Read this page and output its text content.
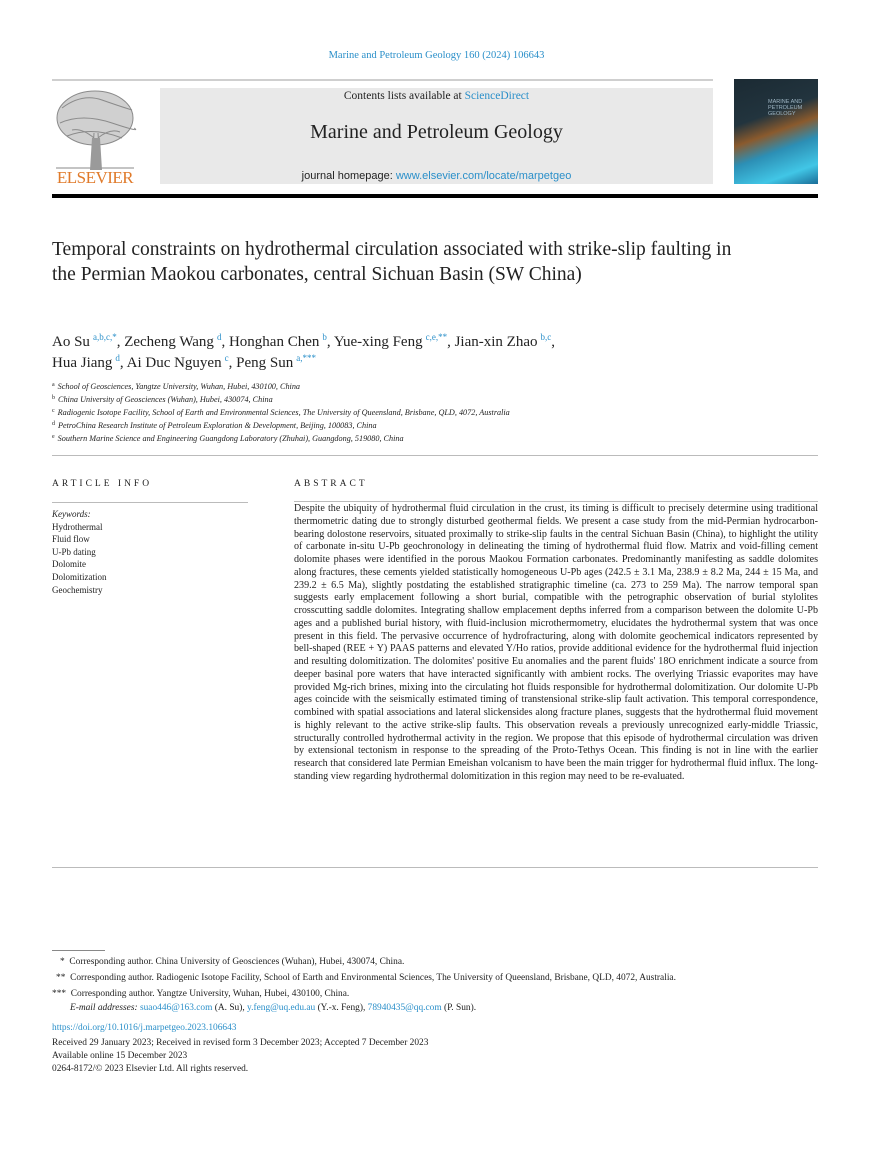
Marine and Petroleum Geology 160 (2024) 106643
ELSEVIER
Contents lists available at ScienceDirect
Marine and Petroleum Geology
journal homepage: www.elsevier.com/locate/marpetgeo
MARINE AND PETROLEUM GEOLOGY
Temporal constraints on hydrothermal circulation associated with strike-slip faulting in the Permian Maokou carbonates, central Sichuan Basin (SW China)
Ao Su  $^{a,b,c,*}$, Zecheng Wang  $^d$, Honghan Chen  $^b$, Yue-xing Feng  $^{c,e,**}$, Jian-xin Zhao  $^{b,c}$,
Hua Jiang  $^d$, Ai Duc Nguyen  $^c$, Peng Sun  $^{a,***}$
$^a$ School of Geosciences, Yangtze University, Wuhan, Hubei, 430100, China
$^b$ China University of Geosciences (Wuhan), Hubei, 430074, China
$^c$ Radiogenic Isotope Facility, School of Earth and Environmental Sciences, The University of Queensland, Brisbane, QLD, 4072, Australia
$^d$ PetroChina Research Institute of Petroleum Exploration & Development, Beijing, 100083, China
$^e$ Southern Marine Science and Engineering Guangdong Laboratory (Zhuhai), Guangdong, 519080, China
ARTICLE INFO
Keywords:
Hydrothermal
Fluid flow
U-Pb dating
Dolomite
Dolomitization
Geochemistry
ABSTRACT

Despite the ubiquity of hydrothermal fluid circulation in the crust, its timing is difficult to precisely determine using traditional thermometric dating due to strongly disturbed geothermal fields. We present a case study from the mid-Permian hydrocarbon-bearing dolostone reservoirs, situated proximally to strike-slip faults in the central Sichuan Basin (China), to highlight the utility of carbonate in-situ U-Pb geochronology in delineating the timing of hydrothermal fluid flow. Matrix and void-filling cement dolomite phases were identified in the porous Maokou Formation carbonates. Predominantly manifesting as saddle dolomites along fractures, these cements yielded statistically homogeneous U-Pb ages (242.5 ± 3.1 Ma, 238.9 ± 8.2 Ma, 244 ± 15 Ma, and 239.2 ± 6.5 Ma), slightly postdating the established stratigraphic timeline (ca. 273 to 259 Ma). The narrow temporal span suggests early emplacement following a short burial, compatible with the petrographic observation of burial stylolites crosscutting saddle dolomites. Integrating shallow emplacement depths inferred from a comparison between the dolomite U-Pb ages and a published burial history, with fluid-inclusion microthermometry, elucidates the hydrothermal system that was once present in this field. The pervasive occurrence of hydrofracturing, along with dolomite geochemical indicators represented by bell-shaped (REE + Y) PAAS patterns and elevated Y/Ho ratios, provide additional evidence for the hydrothermal fluid injection and resulting dolomitization. The dolomites' positive Eu anomalies and the parent fluids' 18O enrichment indicate a source from deeper basinal pore waters that have interacted significantly with ambient rocks. The overlying Triassic evaporites may have provided Mg-rich brines, mixing into the circulating hot fluids responsible for hydrothermal dolomitization. Our dolomite U-Pb ages coincide with the seismically estimated timing of transtensional strike-slip fault activation. This temporal correspondence, combined with spatial associations and lateral slickensides along fracture planes, suggests that the hydrothermal fluid movement is highly relevant to the active strike-slip faults. This observation reveals a previously unrecognized early-middle Triassic, structurally controlled hydrothermal activity in the region. We propose that this episode of hydrothermal circulation was driven by extensional tectonism in response to the spreading of the Proto-Tethys Ocean. This finding is not in line with the earlier research that considered late Permian Emeishan volcanism to have been the main trigger for hydrothermal fluid influx. The long-standing view regarding hydrothermal dolomitization in this region may need to be re-evaluated.

* Corresponding author. China University of Geosciences (Wuhan), Hubei, 430074, China.
** Corresponding author. Radiogenic Isotope Facility, School of Earth and Environmental Sciences, The University of Queensland, Brisbane, QLD, 4072, Australia.
*** Corresponding author. Yangtze University, Wuhan, Hubei, 430100, China.
E-mail addresses: suao446@163.com (A. Su), y.feng@uq.edu.au (Y.-x. Feng), 78940435@qq.com (P. Sun).
https://doi.org/10.1016/j.marpetgeo.2023.106643
Received 29 January 2023; Received in revised form 3 December 2023; Accepted 7 December 2023
Available online 15 December 2023
0264-8172/© 2023 Elsevier Ltd. All rights reserved.
